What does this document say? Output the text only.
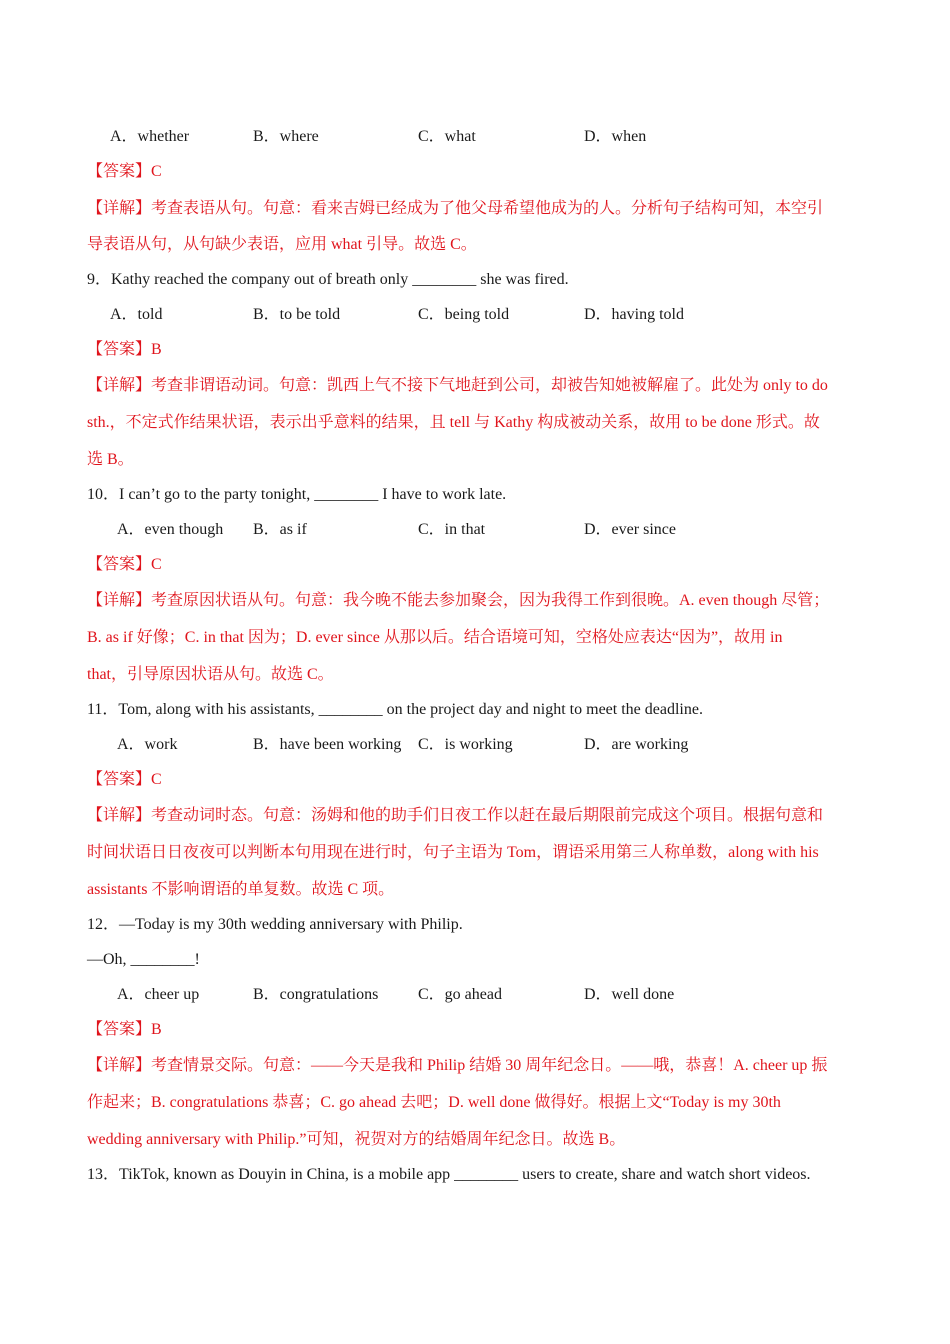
A．whether	B．where	C．what	D．when
【答案】C
【详解】考查表语从句。句意：看来吉姆已经成为了他父母希望他成为的人。分析句子结构可知，本空引
导表语从句，从句缺少表语，应用 what 引导。故选 C。
9．Kathy reached the company out of breath only ________ she was fired.
A．told	B．to be told	C．being told	D．having told
【答案】B
【详解】考查非谓语动词。句意：凯西上气不接下气地赶到公司，却被告知她被解雇了。此处为 only to do
sth.，不定式作结果状语，表示出乎意料的结果，且 tell 与 Kathy 构成被动关系，故用 to be done 形式。故
选 B。
10．I can’t go to the party tonight, ________ I have to work late.
A．even though B．as if	C．in that	D．ever since
【答案】C
【详解】考查原因状语从句。句意：我今晚不能去参加聚会，因为我得工作到很晚。A. even though 尽管；
B. as if 好像；C. in that 因为；D. ever since 从那以后。结合语境可知，空格处应表达“因为”，故用 in
that，引导原因状语从句。故选 C。
11．Tom, along with his assistants, ________ on the project day and night to meet the deadline.
A．work	B．have been working C．is working	D．are working
【答案】C
【详解】考查动词时态。句意：汤姆和他的助手们日夜工作以赶在最后期限前完成这个项目。根据句意和
时间状语日日夜夜可以判断本句用现在进行时，句子主语为 Tom，谓语采用第三人称单数，along with his
assistants 不影响谓语的单复数。故选 C 项。
12．—Today is my 30th wedding anniversary with Philip.
—Oh, ________!
A．cheer up	B．congratulations C．go ahead	D．well done
【答案】B
【详解】考查情景交际。句意：——今天是我和 Philip 结婚 30 周年纪念日。——哦，恭喜！A. cheer up 振
作起来；B. congratulations 恭喜；C. go ahead 去吧；D. well done 做得好。根据上文“Today is my 30th
wedding anniversary with Philip.”可知，祝贺对方的结婚周年纪念日。故选 B。
13．TikTok, known as Douyin in China, is a mobile app ________ users to create, share and watch short videos.
